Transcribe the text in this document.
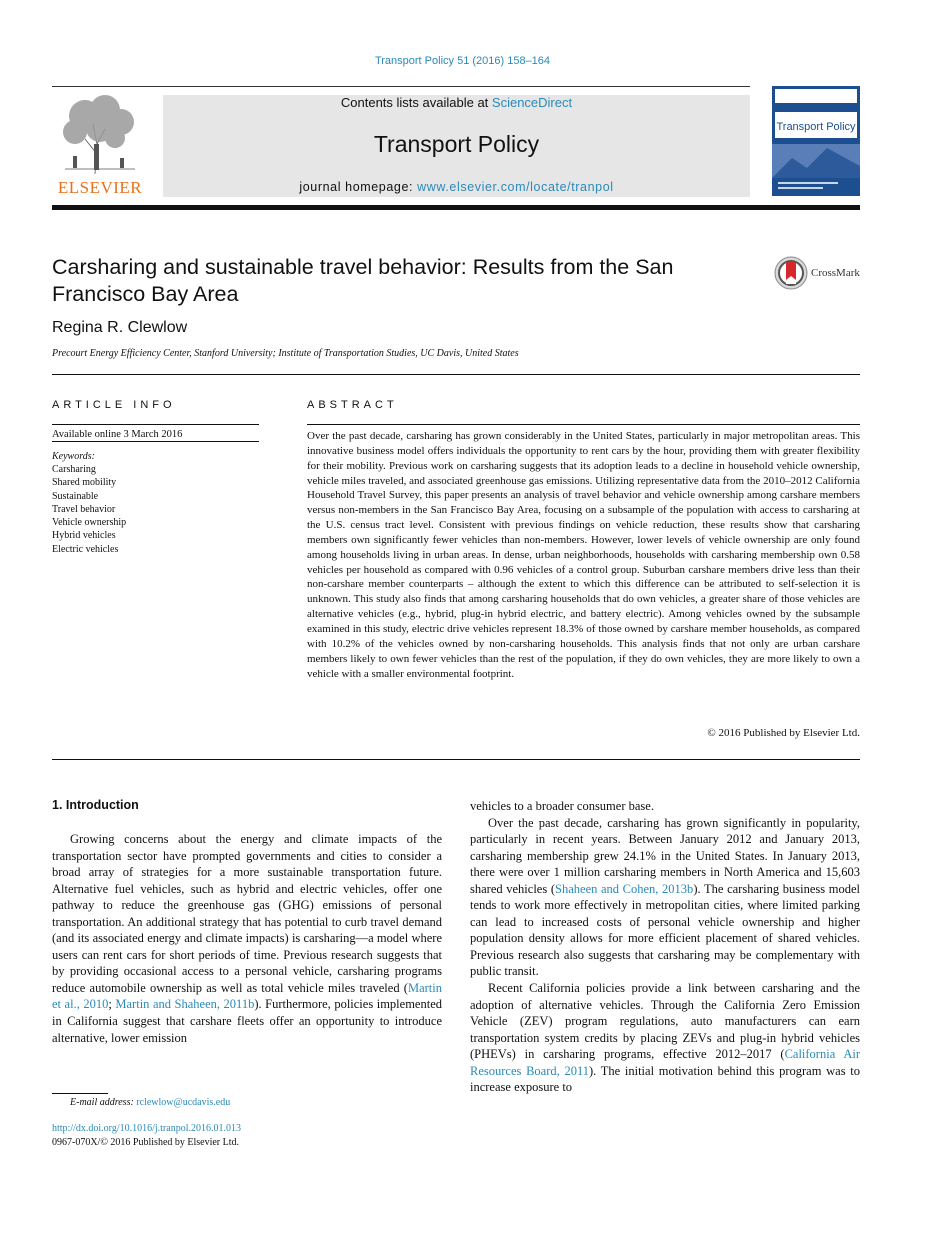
Transport Policy 51 (2016) 158–164
ELSEVIER
Contents lists available at ScienceDirect
Transport Policy
journal homepage: www.elsevier.com/locate/tranpol
Transport Policy
Carsharing and sustainable travel behavior: Results from the San Francisco Bay Area
CrossMark
Regina R. Clewlow
Precourt Energy Efficiency Center, Stanford University; Institute of Transportation Studies, UC Davis, United States
ARTICLE INFO
Available online 3 March 2016
Keywords:
Carsharing
Shared mobility
Sustainable
Travel behavior
Vehicle ownership
Hybrid vehicles
Electric vehicles
ABSTRACT
Over the past decade, carsharing has grown considerably in the United States, particularly in major metropolitan areas. This innovative business model offers individuals the opportunity to rent cars by the hour, providing them with greater flexibility for their mobility. Previous work on carsharing suggests that its adoption leads to a decline in household vehicle ownership, vehicle miles traveled, and associated greenhouse gas emissions. Utilizing representative data from the 2010–2012 California Household Travel Survey, this paper presents an analysis of travel behavior and vehicle ownership among carshare members versus non-members in the San Francisco Bay Area, focusing on a subsample of the population with access to carsharing at the U.S. census tract level. Consistent with previous findings on vehicle reduction, these results show that carsharing members own significantly fewer vehicles than non-members. However, lower levels of vehicle ownership are only found among households living in urban areas. In dense, urban neighborhoods, households with carsharing membership own 0.58 vehicles per household as compared with 0.96 vehicles of a control group. Suburban carshare members drive less than their non-carshare member counterparts – although the extent to which this difference can be attributed to self-selection it is unknown. This study also finds that among carsharing households that do own vehicles, a greater share of those vehicles are alternative vehicles (e.g., hybrid, plug-in hybrid electric, and battery electric). Among vehicles owned by the subsample examined in this study, electric drive vehicles represent 18.3% of those owned by carshare member households, as compared with 10.2% of the vehicles owned by non-carsharing households. This analysis finds that not only are urban carshare members likely to own fewer vehicles than the rest of the population, if they do own vehicles, they are more likely to own a vehicle with a smaller environmental footprint.
© 2016 Published by Elsevier Ltd.
1. Introduction

Growing concerns about the energy and climate impacts of the transportation sector have prompted governments and cities to consider a broad array of strategies for a more sustainable transportation future. Alternative fuel vehicles, such as hybrid and electric vehicles, offer one pathway to reduce the greenhouse gas (GHG) emissions of personal transportation. An additional strategy that has potential to curb travel demand (and its associated energy and climate impacts) is carsharing—a model where users can rent cars for short periods of time. Previous research suggests that by providing occasional access to a personal vehicle, carsharing programs reduce automobile ownership as well as total vehicle miles traveled (Martin et al., 2010; Martin and Shaheen, 2011b). Furthermore, policies implemented in California suggest that carshare fleets offer an opportunity to introduce alternative, lower emission

vehicles to a broader consumer base.

Over the past decade, carsharing has grown significantly in popularity, particularly in recent years. Between January 2012 and January 2013, carsharing membership grew 24.1% in the United States. In January 2013, there were over 1 million carsharing members in North America and 15,603 shared vehicles (Shaheen and Cohen, 2013b). The carsharing business model tends to work more effectively in metropolitan cities, where limited parking can lead to increased costs of personal vehicle ownership and higher population density allows for more efficient placement of shared vehicles. Previous research also suggests that carsharing may be complementary with public transit.

Recent California policies provide a link between carsharing and the adoption of alternative vehicles. Through the California Zero Emission Vehicle (ZEV) program regulations, auto manufacturers can earn transportation system credits by placing ZEVs and plug-in hybrid vehicles (PHEVs) in carsharing programs, effective 2012–2017 (California Air Resources Board, 2011). The initial motivation behind this program was to increase exposure to

E-mail address: rclewlow@ucdavis.edu
http://dx.doi.org/10.1016/j.tranpol.2016.01.013
0967-070X/© 2016 Published by Elsevier Ltd.
